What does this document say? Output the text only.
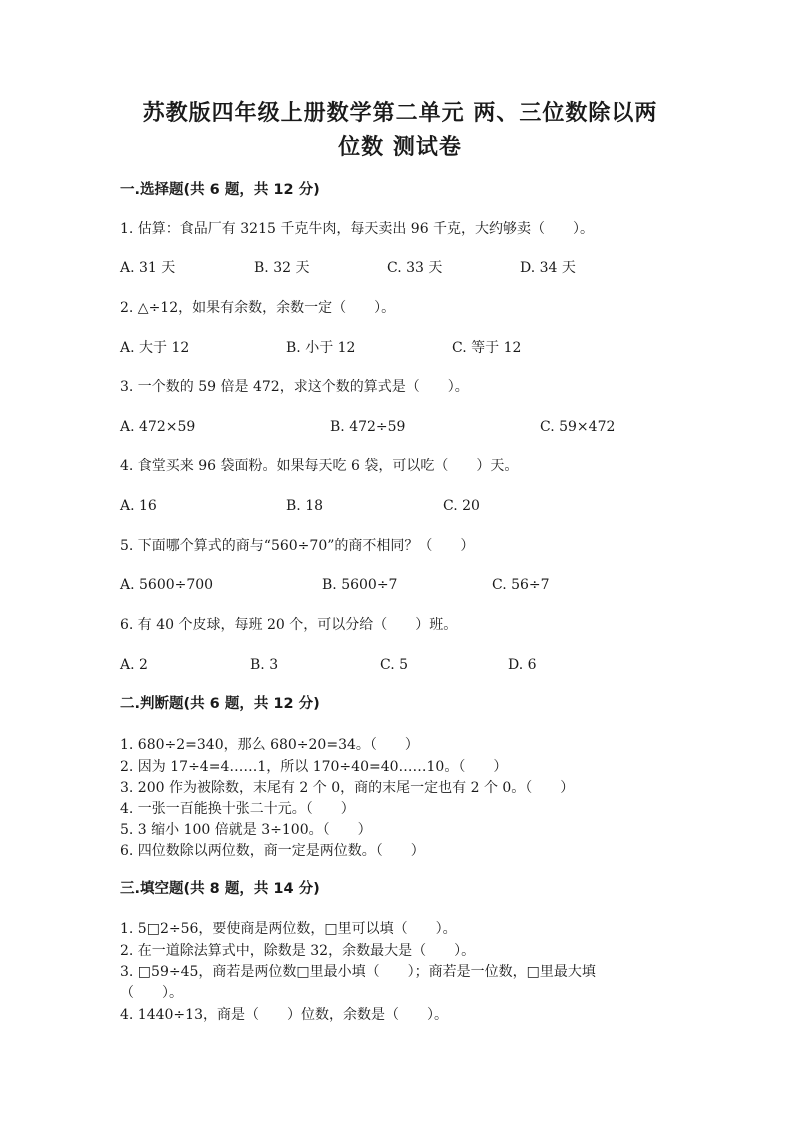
苏教版四年级上册数学第二单元 两、三位数除以两
位数 测试卷
一.选择题(共 6 题，共 12 分)
1. 估算：食品厂有 3215 千克牛肉，每天卖出 96 千克，大约够卖（　　）。
A. 31 天	B. 32 天	C. 33 天	D. 34 天
2. △÷12，如果有余数，余数一定（　　）。
A. 大于 12	B. 小于 12	C. 等于 12
3. 一个数的 59 倍是 472，求这个数的算式是（　　）。
A. 472×59	B. 472÷59	C. 59×472
4. 食堂买来 96 袋面粉。如果每天吃 6 袋，可以吃（　　）天。
A. 16	B. 18	C. 20
5. 下面哪个算式的商与“560÷70”的商不相同？（　　）
A. 5600÷700	B. 5600÷7	C. 56÷7
6. 有 40 个皮球，每班 20 个，可以分给（　　）班。
A. 2	B. 3	C. 5	D. 6
二.判断题(共 6 题，共 12 分)
1. 680÷2=340，那么 680÷20=34。（　　）
2. 因为 17÷4=4……1，所以 170÷40=40……10。（　　）
3. 200 作为被除数，末尾有 2 个 0，商的末尾一定也有 2 个 0。（　　）
4. 一张一百能换十张二十元。（　　）
5. 3 缩小 100 倍就是 3÷100。（　　）
6. 四位数除以两位数，商一定是两位数。（　　）
三.填空题(共 8 题，共 14 分)
1. 5□2÷56，要使商是两位数，□里可以填（　　）。
2. 在一道除法算式中，除数是 32，余数最大是（　　）。
3. □59÷45，商若是两位数□里最小填（　　）；商若是一位数，□里最大填
（　　）。
4. 1440÷13，商是（　　）位数，余数是（　　）。
